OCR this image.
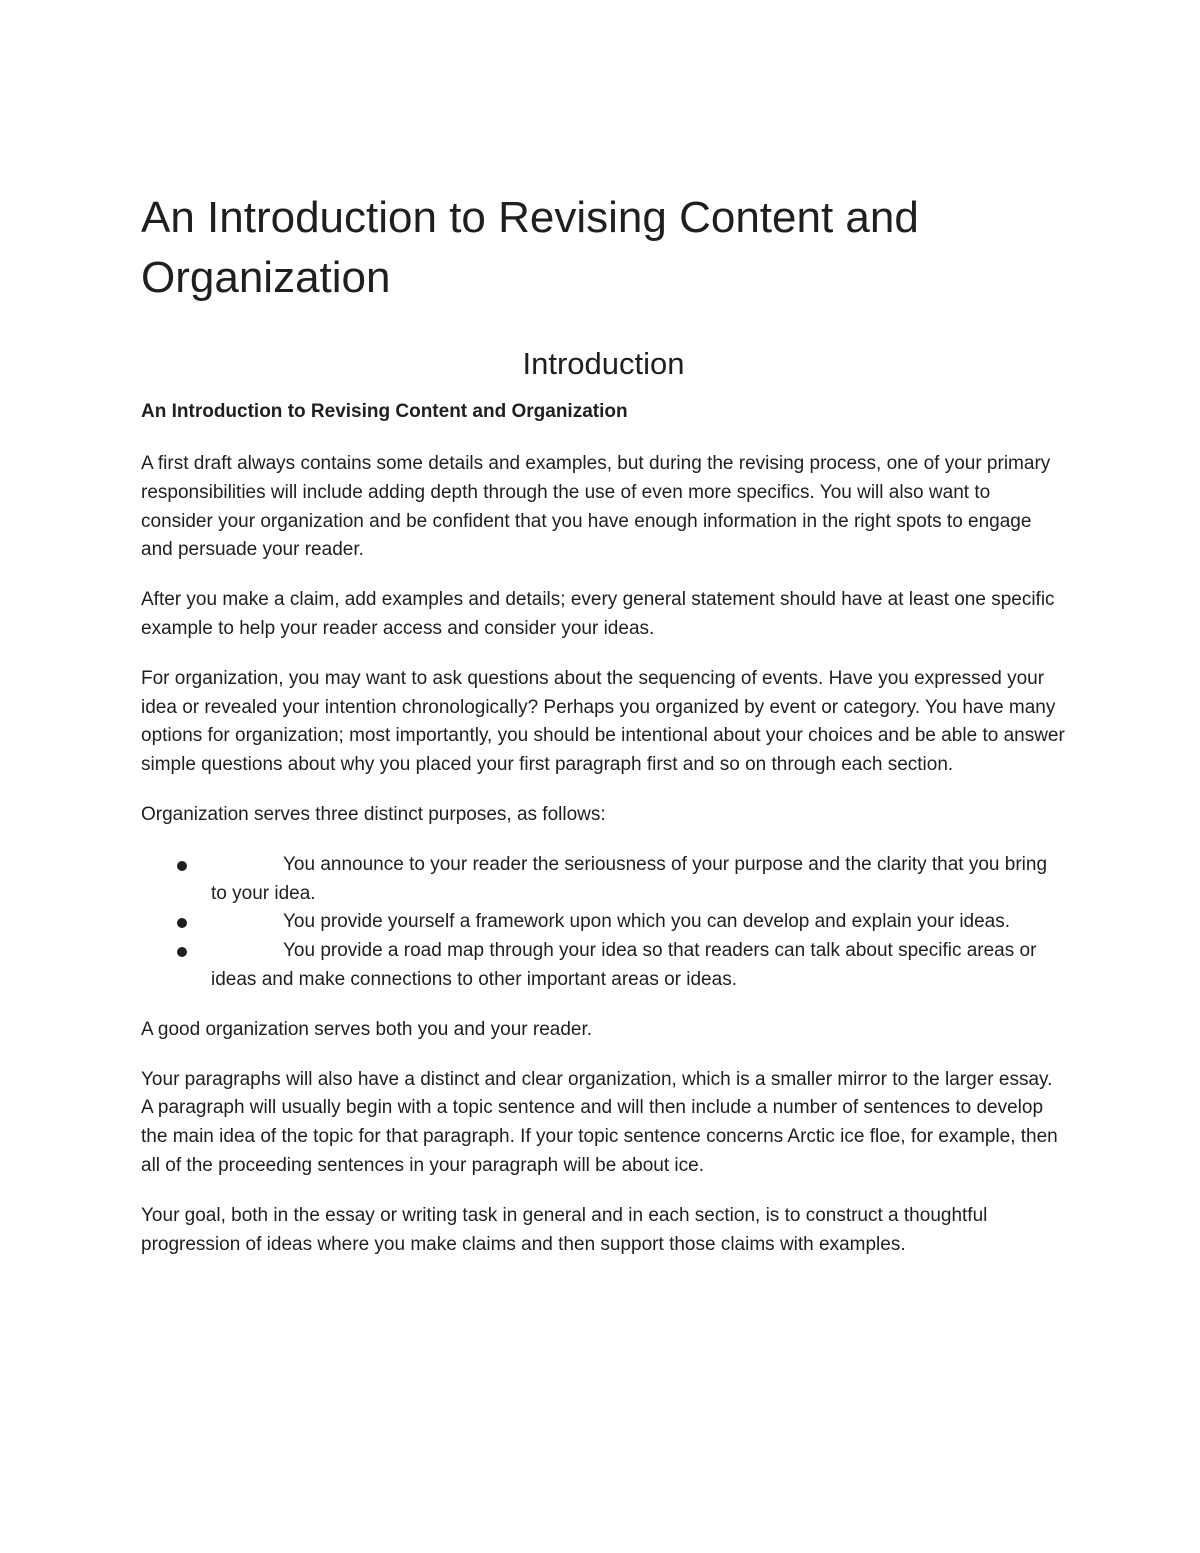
An Introduction to Revising Content and Organization
Introduction
An Introduction to Revising Content and Organization

A first draft always contains some details and examples, but during the revising process, one of your primary responsibilities will include adding depth through the use of even more specifics. You will also want to consider your organization and be confident that you have enough information in the right spots to engage and persuade your reader.

After you make a claim, add examples and details; every general statement should have at least one specific example to help your reader access and consider your ideas.

For organization, you may want to ask questions about the sequencing of events. Have you expressed your idea or revealed your intention chronologically? Perhaps you organized by event or category. You have many options for organization; most importantly, you should be intentional about your choices and be able to answer simple questions about why you placed your first paragraph first and so on through each section.

Organization serves three distinct purposes, as follows:

You announce to your reader the seriousness of your purpose and the clarity that you bring to your idea.
You provide yourself a framework upon which you can develop and explain your ideas.
You provide a road map through your idea so that readers can talk about specific areas or ideas and make connections to other important areas or ideas.

A good organization serves both you and your reader.

Your paragraphs will also have a distinct and clear organization, which is a smaller mirror to the larger essay. A paragraph will usually begin with a topic sentence and will then include a number of sentences to develop the main idea of the topic for that paragraph. If your topic sentence concerns Arctic ice floe, for example, then all of the proceeding sentences in your paragraph will be about ice.

Your goal, both in the essay or writing task in general and in each section, is to construct a thoughtful progression of ideas where you make claims and then support those claims with examples.
